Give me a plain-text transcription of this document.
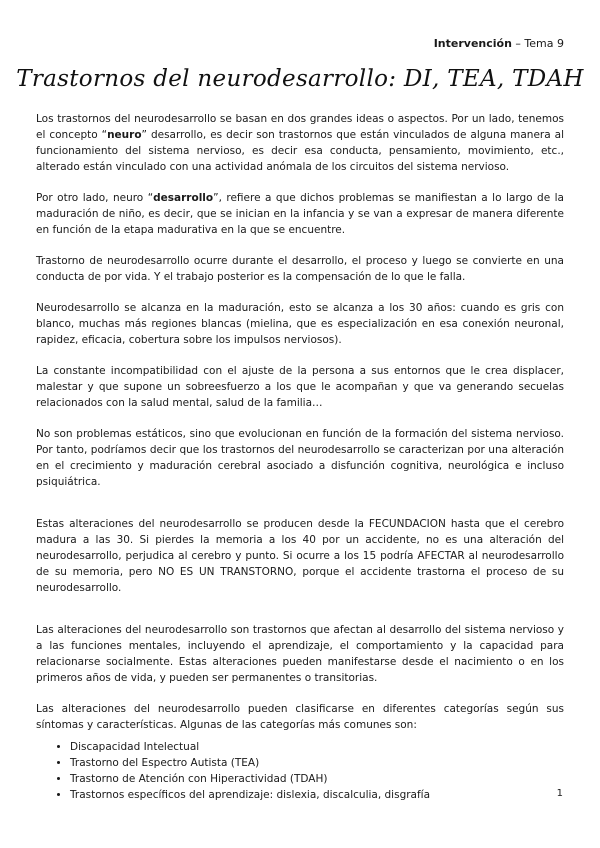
Intervención – Tema 9
Trastornos del neurodesarrollo: DI, TEA, TDAH

Los trastornos del neurodesarrollo se basan en dos grandes ideas o aspectos. Por un lado, tenemos el concepto “neuro” desarrollo, es decir son trastornos que están vinculados de alguna manera al funcionamiento del sistema nervioso, es decir esa conducta, pensamiento, movimiento, etc., alterado están vinculado con una actividad anómala de los circuitos del sistema nervioso.

Por otro lado, neuro “desarrollo”, refiere a que dichos problemas se manifiestan a lo largo de la maduración de niño, es decir, que se inician en la infancia y se van a expresar de manera diferente en función de la etapa madurativa en la que se encuentre.

Trastorno de neurodesarrollo ocurre durante el desarrollo, el proceso y luego se convierte en una conducta de por vida. Y el trabajo posterior es la compensación de lo que le falla.

Neurodesarrollo se alcanza en la maduración, esto se alcanza a los 30 años: cuando es gris con blanco, muchas más regiones blancas (mielina, que es especialización en esa conexión neuronal, rapidez, eficacia, cobertura sobre los impulsos nerviosos).

La constante incompatibilidad con el ajuste de la persona a sus entornos que le crea displacer, malestar y que supone un sobreesfuerzo a los que le acompañan y que va generando secuelas relacionados con la salud mental, salud de la familia…

No son problemas estáticos, sino que evolucionan en función de la formación del sistema nervioso. Por tanto, podríamos decir que los trastornos del neurodesarrollo se caracterizan por una alteración en el crecimiento y maduración cerebral asociado a disfunción cognitiva, neurológica e incluso psiquiátrica.

Estas alteraciones del neurodesarrollo se producen desde la FECUNDACION hasta que el cerebro madura a las 30. Si pierdes la memoria a los 40 por un accidente, no es una alteración del neurodesarrollo, perjudica al cerebro y punto. Si ocurre a los 15 podría AFECTAR al neurodesarrollo de su memoria, pero NO ES UN TRANSTORNO, porque el accidente trastorna el proceso de su neurodesarrollo.

Las alteraciones del neurodesarrollo son trastornos que afectan al desarrollo del sistema nervioso y a las funciones mentales, incluyendo el aprendizaje, el comportamiento y la capacidad para relacionarse socialmente. Estas alteraciones pueden manifestarse desde el nacimiento o en los primeros años de vida, y pueden ser permanentes o transitorias.

Las alteraciones del neurodesarrollo pueden clasificarse en diferentes categorías según sus síntomas y características. Algunas de las categorías más comunes son:

• Discapacidad Intelectual
• Trastorno del Espectro Autista (TEA)
• Trastorno de Atención con Hiperactividad (TDAH)
• Trastornos específicos del aprendizaje: dislexia, discalculia, disgrafía	1
